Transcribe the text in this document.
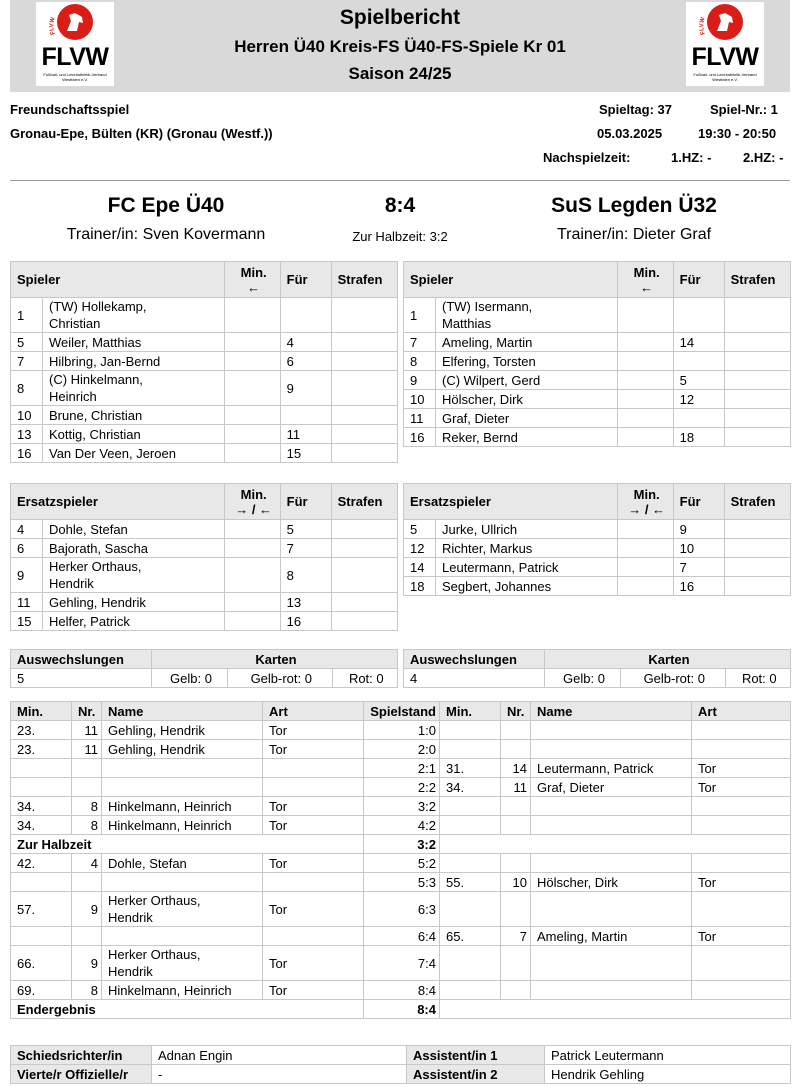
FLVW
FLVW
Fußball- und Leichtathletik-Verband Westfalen e.V.
FLVW
FLVW
Fußball- und Leichtathletik-Verband Westfalen e.V.
Spielbericht
Herren Ü40 Kreis-FS Ü40-FS-Spiele Kr 01
Saison 24/25
Freundschaftsspiel
Gronau-Epe, Bülten (KR) (Gronau (Westf.))
Spieltag: 37	Spiel-Nr.: 1
05.03.2025	19:30 - 20:50
Nachspielzeit:	1.HZ: - 2.HZ: -
FC Epe Ü40	8:4	SuS Legden Ü32
Trainer/in: Sven Kovermann	Zur Halbzeit: 3:2	Trainer/in: Dieter Graf
Spieler		Min.
←	Für	Strafen
1	(TW) Hollekamp,
Christian			
5	Weiler, Matthias		4	
7	Hilbring, Jan-Bernd		6	
8	(C) Hinkelmann,
Heinrich		9	
10	Brune, Christian			
13	Kottig, Christian		11	
16	Van Der Veen, Jeroen		15	
Spieler		Min.
←	Für	Strafen
1	(TW) Isermann,
Matthias			
7	Ameling, Martin		14	
8	Elfering, Torsten			
9	(C) Wilpert, Gerd		5	
10	Hölscher, Dirk		12	
11	Graf, Dieter			
16	Reker, Bernd		18	
Ersatzspieler		Min.
→ / ←	Für	Strafen
4	Dohle, Stefan		5	
6	Bajorath, Sascha		7	
9	Herker Orthaus,
Hendrik		8	
11	Gehling, Hendrik		13	
15	Helfer, Patrick		16	
Ersatzspieler		Min.
→ / ←	Für	Strafen
5	Jurke, Ullrich		9	
12	Richter, Markus		10	
14	Leutermann, Patrick		7	
18	Segbert, Johannes		16	
Auswechslungen	Karten		
5	Gelb: 0	Gelb-rot: 0	Rot: 0
Auswechslungen	Karten		
4	Gelb: 0	Gelb-rot: 0	Rot: 0
Min.	Nr.	Name	Art	Spielstand	Min.	Nr.	Name	Art
23.	11	Gehling, Hendrik	Tor	1:0				
23.	11	Gehling, Hendrik	Tor	2:0				
				2:1	31.	14	Leutermann, Patrick	Tor
				2:2	34.	11	Graf, Dieter	Tor
34.	8	Hinkelmann, Heinrich	Tor	3:2				
34.	8	Hinkelmann, Heinrich	Tor	4:2				
Zur Halbzeit				3:2				
42.	4	Dohle, Stefan	Tor	5:2				
				5:3	55.	10	Hölscher, Dirk	Tor
57.	9	Herker Orthaus,
Hendrik	Tor	6:3				
				6:4	65.	7	Ameling, Martin	Tor
66.	9	Herker Orthaus,
Hendrik	Tor	7:4				
69.	8	Hinkelmann, Heinrich	Tor	8:4				
Endergebnis				8:4				
Schiedsrichter/in	Adnan Engin	Assistent/in 1	Patrick Leutermann
Vierte/r Offizielle/r	-	Assistent/in 2	Hendrik Gehling
